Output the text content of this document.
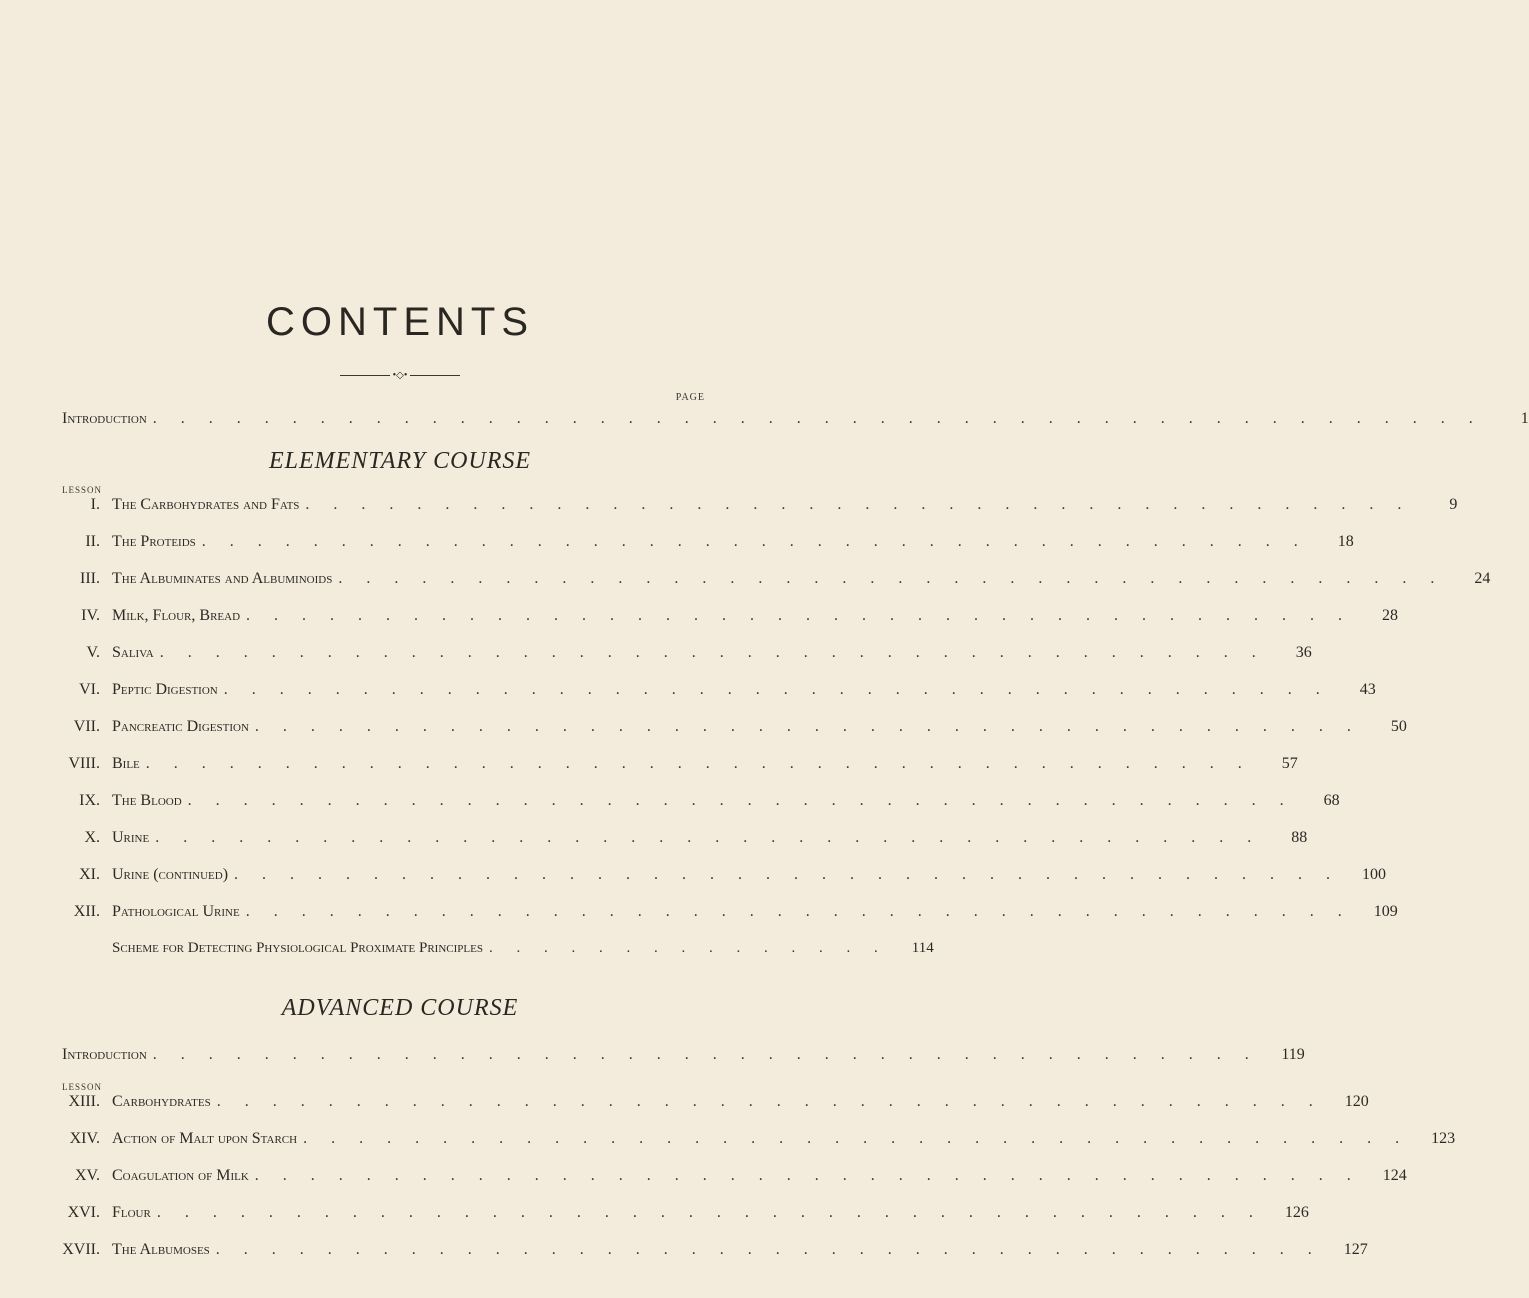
CONTENTS
•◇•
PAGE
Introduction . . . . . . . . . . . . . . . . . . . . . . . . . . . . . . . . . . . . . . . . . . . . . . . .	1
ELEMENTARY COURSE
LESSON
I. The Carbohydrates and Fats . . . . . . . . . . . . . . . . . . . . . . . . . . . . . . . . . . . . . . . .	9
II. The Proteids . . . . . . . . . . . . . . . . . . . . . . . . . . . . . . . . . . . . . . . .	18
III. The Albuminates and Albuminoids . . . . . . . . . . . . . . . . . . . . . . . . . . . . . . . . . . . . . . . .	24
IV. Milk, Flour, Bread . . . . . . . . . . . . . . . . . . . . . . . . . . . . . . . . . . . . . . . .	28
V. Saliva . . . . . . . . . . . . . . . . . . . . . . . . . . . . . . . . . . . . . . . .	36
VI. Peptic Digestion . . . . . . . . . . . . . . . . . . . . . . . . . . . . . . . . . . . . . . . .	43
VII. Pancreatic Digestion . . . . . . . . . . . . . . . . . . . . . . . . . . . . . . . . . . . . . . . .	50
VIII. Bile . . . . . . . . . . . . . . . . . . . . . . . . . . . . . . . . . . . . . . . .	57
IX. The Blood . . . . . . . . . . . . . . . . . . . . . . . . . . . . . . . . . . . . . . . .	68
X. Urine . . . . . . . . . . . . . . . . . . . . . . . . . . . . . . . . . . . . . . . .	88
XI. Urine (continued) . . . . . . . . . . . . . . . . . . . . . . . . . . . . . . . . . . . . . . . .	100
XII. Pathological Urine . . . . . . . . . . . . . . . . . . . . . . . . . . . . . . . . . . . . . . . .	109
Scheme for Detecting Physiological Proximate Principles . . . . . . . . . . . . . . .	114
ADVANCED COURSE
Introduction . . . . . . . . . . . . . . . . . . . . . . . . . . . . . . . . . . . . . . . .	119
LESSON
XIII. Carbohydrates . . . . . . . . . . . . . . . . . . . . . . . . . . . . . . . . . . . . . . . .	120
XIV. Action of Malt upon Starch . . . . . . . . . . . . . . . . . . . . . . . . . . . . . . . . . . . . . . . .	123
XV. Coagulation of Milk . . . . . . . . . . . . . . . . . . . . . . . . . . . . . . . . . . . . . . . .	124
XVI. Flour . . . . . . . . . . . . . . . . . . . . . . . . . . . . . . . . . . . . . . . .	126
XVII. The Albumoses . . . . . . . . . . . . . . . . . . . . . . . . . . . . . . . . . . . . . . . .	127
